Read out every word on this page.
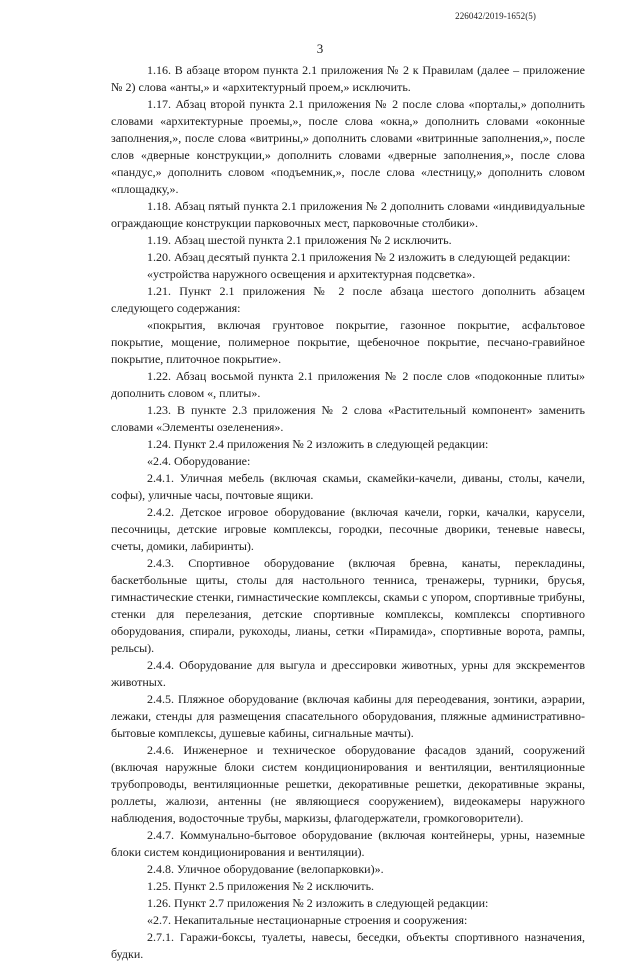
226042/2019-1652(5)
3

1.16. В абзаце втором пункта 2.1 приложения № 2 к Правилам (далее – приложение № 2) слова «анты,» и «архитектурный проем,» исключить.

1.17. Абзац второй пункта 2.1 приложения № 2 после слова «порталы,» дополнить словами «архитектурные проемы,», после слова «окна,» дополнить словами «оконные заполнения,», после слова «витрины,» дополнить словами «витринные заполнения,», после слов «дверные конструкции,» дополнить словами «дверные заполнения,», после слова «пандус,» дополнить словом «подъемник,», после слова «лестницу,» дополнить словом «площадку,».

1.18. Абзац пятый пункта 2.1 приложения № 2 дополнить словами «индивидуальные ограждающие конструкции парковочных мест, парковочные столбики».

1.19. Абзац шестой пункта 2.1 приложения № 2 исключить.

1.20. Абзац десятый пункта 2.1 приложения № 2 изложить в следующей редакции:

«устройства наружного освещения и архитектурная подсветка».

1.21. Пункт 2.1 приложения № 2 после абзаца шестого дополнить абзацем следующего содержания:

«покрытия, включая грунтовое покрытие, газонное покрытие, асфальтовое покрытие, мощение, полимерное покрытие, щебеночное покрытие, песчано-гравийное покрытие, плиточное покрытие».

1.22. Абзац восьмой пункта 2.1 приложения № 2 после слов «подоконные плиты» дополнить словом «, плиты».

1.23. В пункте 2.3 приложения № 2 слова «Растительный компонент» заменить словами «Элементы озеленения».

1.24. Пункт 2.4 приложения № 2 изложить в следующей редакции:

«2.4. Оборудование:

2.4.1. Уличная мебель (включая скамьи, скамейки-качели, диваны, столы, качели, софы), уличные часы, почтовые ящики.

2.4.2. Детское игровое оборудование (включая качели, горки, качалки, карусели, песочницы, детские игровые комплексы, городки, песочные дворики, теневые навесы, счеты, домики, лабиринты).

2.4.3. Спортивное оборудование (включая бревна, канаты, перекладины, баскетбольные щиты, столы для настольного тенниса, тренажеры, турники, брусья, гимнастические стенки, гимнастические комплексы, скамьи с упором, спортивные трибуны, стенки для перелезания, детские спортивные комплексы, комплексы спортивного оборудования, спирали, рукоходы, лианы, сетки «Пирамида», спортивные ворота, рампы, рельсы).

2.4.4. Оборудование для выгула и дрессировки животных, урны для экскрементов животных.

2.4.5. Пляжное оборудование (включая кабины для переодевания, зонтики, аэрарии, лежаки, стенды для размещения спасательного оборудования, пляжные административно-бытовые комплексы, душевые кабины, сигнальные мачты).

2.4.6. Инженерное и техническое оборудование фасадов зданий, сооружений (включая наружные блоки систем кондиционирования и вентиляции, вентиляционные трубопроводы, вентиляционные решетки, декоративные решетки, декоративные экраны, роллеты, жалюзи, антенны (не являющиеся сооружением), видеокамеры наружного наблюдения, водосточные трубы, маркизы, флагодержатели, громкоговорители).

2.4.7. Коммунально-бытовое оборудование (включая контейнеры, урны, наземные блоки систем кондиционирования и вентиляции).

2.4.8. Уличное оборудование (велопарковки)».

1.25. Пункт 2.5 приложения № 2 исключить.

1.26. Пункт 2.7 приложения № 2 изложить в следующей редакции:

«2.7. Некапитальные нестационарные строения и сооружения:

2.7.1. Гаражи-боксы, туалеты, навесы, беседки, объекты спортивного назначения, будки.
